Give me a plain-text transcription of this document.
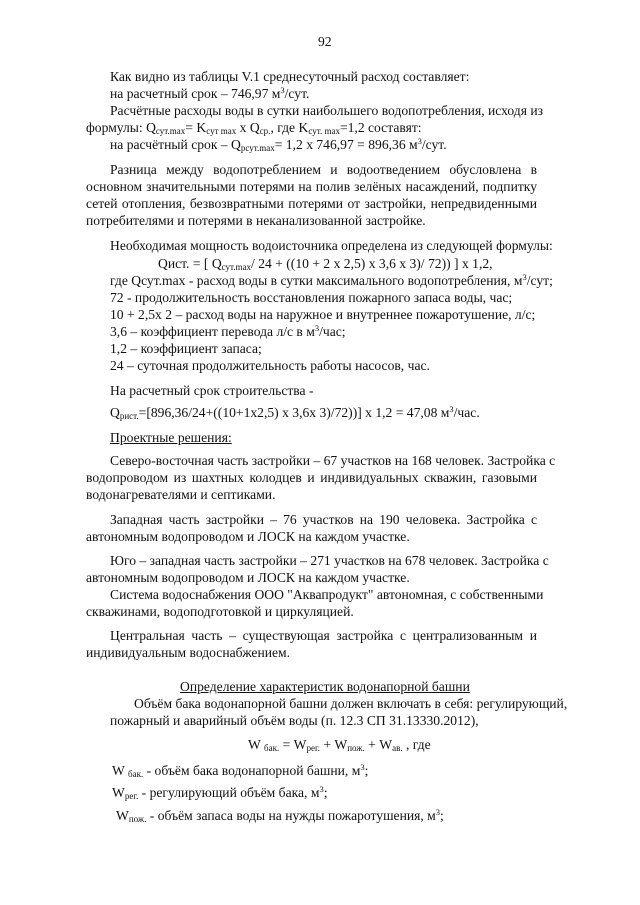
92
Как видно из таблицы V.1 среднесуточный расход составляет:
на расчетный срок – 746,97 $м^3$/сут.
Расчётные расходы воды в сутки наибольшего водопотребления, исходя из
формулы: $Q_{сут.max}= K_{сут max}$ x $Q_{ср.}$, где $K_{сут. max}=1,2$ составят:
на расчётный срок – $Q_{рсут.max}= 1,2$ х 746,97 = 896,36 $м^3$/сут.
Разница между водопотреблением и водоотведением обусловлена в
основном значительными потерями на полив зелёных насаждений, подпитку
сетей отопления, безвозвратными потерями от застройки, непредвиденными
потребителями и потерями в неканализованной застройке.
Необходимая мощность водоисточника определена из следующей формулы:
Qист. = [ $Q_{сут.max}/$ 24 + ((10 + 2 х 2,5) х 3,6 х 3)/ 72)) ] х 1,2,
где Qсут.max - расход воды в сутки максимального водопотребления, $м^3$/сут;
72 - продолжительность восстановления пожарного запаса воды, час;
10 + 2,5х 2 – расход воды на наружное и внутреннее пожаротушение, л/с;
3,6 – коэффициент перевода л/с в $м^3$/час;
1,2 – коэффициент запаса;
24 – суточная продолжительность работы насосов, час.
На расчетный срок строительства -
$Q_{рист.}=[896,36/24+((10+1х2,5)$ х 3,6х 3)/72))] х 1,2 = 47,08 $м^3$/час.
Проектные решения:
Северо-восточная часть застройки – 67 участков на 168 человек. Застройка с
водопроводом из шахтных колодцев и индивидуальных скважин, газовыми
водонагревателями и септиками.
Западная часть застройки – 76 участков на 190 человека. Застройка с
автономным водопроводом и ЛОСК на каждом участке.
Юго – западная часть застройки – 271 участков на 678 человек. Застройка с
автономным водопроводом и ЛОСК на каждом участке.
Система водоснабжения ООО "Аквапродукт" автономная, с собственными
скважинами, водоподготовкой и циркуляцией.
Центральная часть – существующая застройка с централизованным и
индивидуальным водоснабжением.
Определение характеристик водонапорной башни
Объём бака водонапорной башни должен включать в себя: регулирующий,
пожарный и аварийный объём воды (п. 12.3 СП 31.13330.2012),
W $_{бак.} = W_{рег.} + W_{пож.} + W_{ав.}$ , где
W $_{бак.}$ - объём бака водонапорной башни, $м^3$;
$W_{рег.}$ - регулирующий объём бака, $м^3$;
$W_{пож.}$ - объём запаса воды на нужды пожаротушения, $м^3$;
